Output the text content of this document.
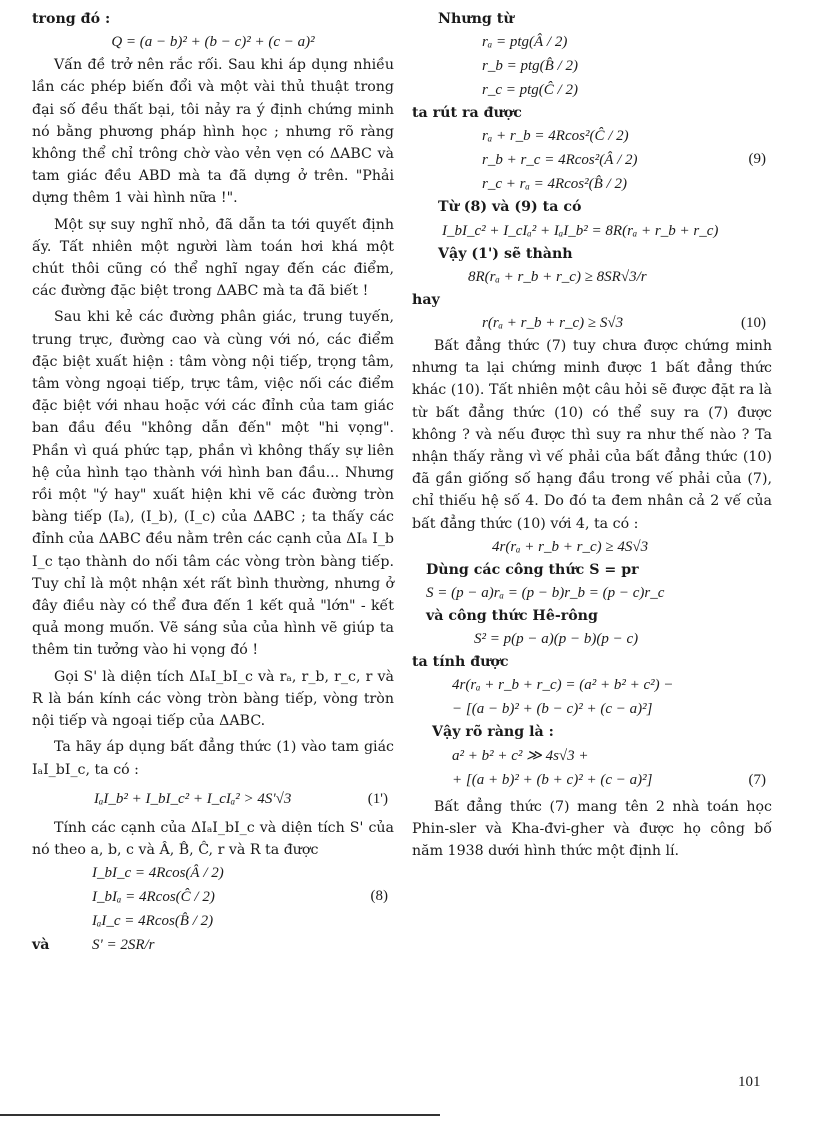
trong đó :

Q = (a − b)² + (b − c)² + (c − a)²

Vấn đề trở nên rắc rối. Sau khi áp dụng nhiều lần các phép biến đổi và một vài thủ thuật trong đại số đều thất bại, tôi nảy ra ý định chứng minh nó bằng phương pháp hình học ; nhưng rõ ràng không thể chỉ trông chờ vào vẻn vẹn có ΔABC và tam giác đều ABD mà ta đã dựng ở trên. "Phải dựng thêm 1 vài hình nữa !".

Một sự suy nghĩ nhỏ, đã dẫn ta tới quyết định ấy. Tất nhiên một người làm toán hơi khá một chút thôi cũng có thể nghĩ ngay đến các điểm, các đường đặc biệt trong ΔABC mà ta đã biết !

Sau khi kẻ các đường phân giác, trung tuyến, trung trực, đường cao và cùng với nó, các điểm đặc biệt xuất hiện : tâm vòng nội tiếp, trọng tâm, tâm vòng ngoại tiếp, trực tâm, việc nối các điểm đặc biệt với nhau hoặc với các đỉnh của tam giác ban đầu đều "không dẫn đến" một "hi vọng". Phần vì quá phức tạp, phần vì không thấy sự liên hệ của hình tạo thành với hình ban đầu... Nhưng rồi một "ý hay" xuất hiện khi vẽ các đường tròn bàng tiếp (Iₐ), (I_b), (I_c) của ΔABC ; ta thấy các đỉnh của ΔABC đều nằm trên các cạnh của ΔIₐ I_b I_c tạo thành do nối tâm các vòng tròn bàng tiếp. Tuy chỉ là một nhận xét rất bình thường, nhưng ở đây điều này có thể đưa đến 1 kết quả "lớn" - kết quả mong muốn. Vẽ sáng sủa của hình vẽ giúp ta thêm tin tưởng vào hi vọng đó !

Gọi S' là diện tích ΔIₐI_bI_c và rₐ, r_b, r_c, r và R là bán kính các vòng tròn bàng tiếp, vòng tròn nội tiếp và ngoại tiếp của ΔABC.

Ta hãy áp dụng bất đẳng thức (1) vào tam giác IₐI_bI_c, ta có :

IₐI_b² + I_bI_c² + I_cIₐ² > 4S'√3	(1')

Tính các cạnh của ΔIₐI_bI_c và diện tích S' của nó theo a, b, c và Â, B̂, Ĉ, r và R ta được

I_bI_c = 4Rcos(Â / 2)
I_bIₐ = 4Rcos(Ĉ / 2)
IₐI_c = 4Rcos(B̂ / 2)
(8)
và	S' = 2SR/r

Nhưng từ

rₐ = ptg(Â / 2)
r_b = ptg(B̂ / 2)
r_c = ptg(Ĉ / 2)

ta rút ra được

rₐ + r_b = 4Rcos²(Ĉ / 2)
r_b + r_c = 4Rcos²(Â / 2)
r_c + rₐ = 4Rcos²(B̂ / 2)
(9)

Từ (8) và (9) ta có

I_bI_c² + I_cIₐ² + IₐI_b² = 8R(rₐ + r_b + r_c)

Vậy (1') sẽ thành

8R(rₐ + r_b + r_c) ≥ 8SR√3/r

hay

r(rₐ + r_b + r_c) ≥ S√3	(10)

Bất đẳng thức (7) tuy chưa được chứng minh nhưng ta lại chứng minh được 1 bất đẳng thức khác (10). Tất nhiên một câu hỏi sẽ được đặt ra là từ bất đẳng thức (10) có thể suy ra (7) được không ? và nếu được thì suy ra như thế nào ? Ta nhận thấy rằng vì vế phải của bất đẳng thức (10) đã gần giống số hạng đầu trong vế phải của (7), chỉ thiếu hệ số 4. Do đó ta đem nhân cả 2 vế của bất đẳng thức (10) với 4, ta có :

4r(rₐ + r_b + r_c) ≥ 4S√3

Dùng các công thức S = pr

S = (p − a)rₐ = (p − b)r_b = (p − c)r_c

và công thức Hê-rông

S² = p(p − a)(p − b)(p − c)

ta tính được

4r(rₐ + r_b + r_c) = (a² + b² + c²) −
− [(a − b)² + (b − c)² + (c − a)²]

Vậy rõ ràng là :

a² + b² + c² ≫ 4s√3 +
+ [(a + b)² + (b + c)² + (c − a)²]	(7)

Bất đẳng thức (7) mang tên 2 nhà toán học Phin-sler và Kha-đvi-gher và được họ công bố năm 1938 dưới hình thức một định lí.

101
